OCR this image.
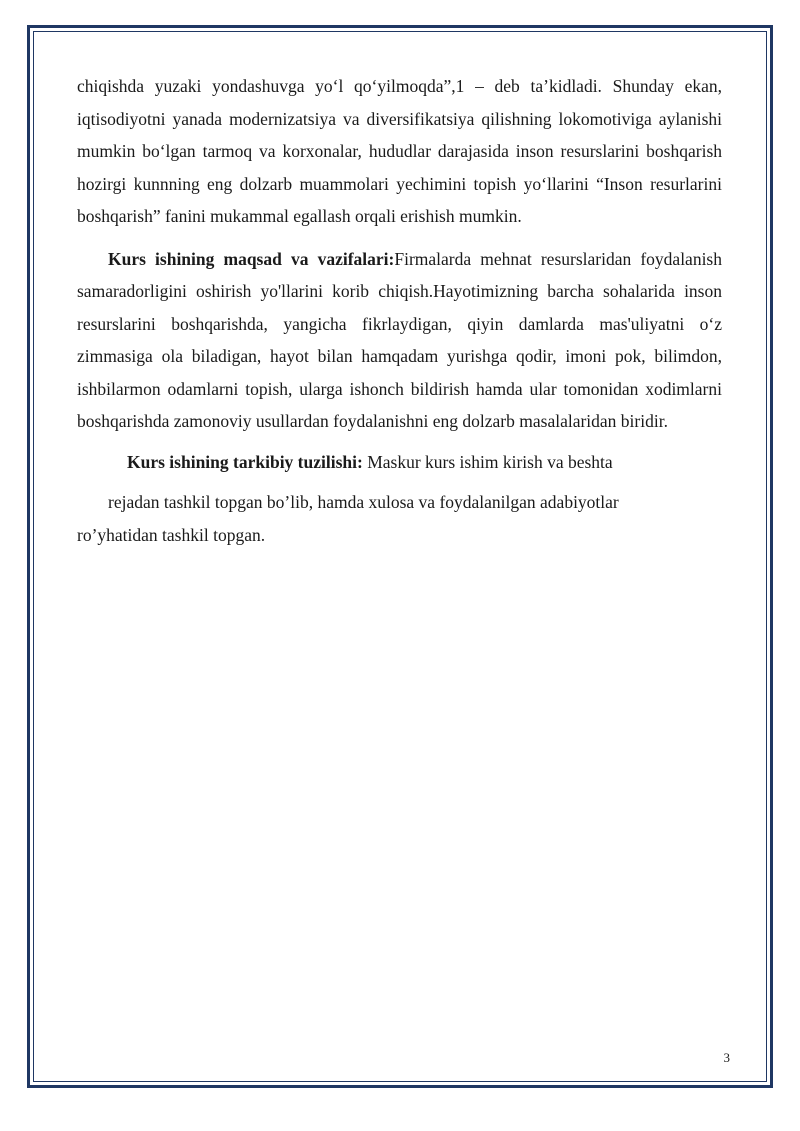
chiqishda yuzaki yondashuvga yo‘l qo‘yilmoqda”,1 – deb ta’kidladi. Shunday ekan, iqtisodiyotni yanada modernizatsiya va diversifikatsiya qilishning lokomotiviga aylanishi mumkin bo‘lgan tarmoq va korxonalar, hududlar darajasida inson resurslarini boshqarish hozirgi kunnning eng dolzarb muammolari yechimini topish yo‘llarini “Inson resurlarini boshqarish” fanini mukammal egallash orqali erishish mumkin.

Kurs ishining maqsad va vazifalari:Firmalarda mehnat resurslaridan foydalanish samaradorligini oshirish yo'llarini korib chiqish.Hayotimizning barcha sohalarida inson resurslarini boshqarishda, yangicha fikrlaydigan, qiyin damlarda mas'uliyatni o‘z zimmasiga ola biladigan, hayot bilan hamqadam yurishga qodir, imoni pok, bilimdon, ishbilarmon odamlarni topish, ularga ishonch bildirish hamda ular tomonidan xodimlarni boshqarishda zamonoviy usullardan foydalanishni eng dolzarb masalalaridan biridir.

Kurs ishining tarkibiy tuzilishi: Maskur kurs ishim kirish va beshta

rejadan tashkil topgan bo’lib, hamda xulosa va foydalanilgan adabiyotlar

ro’yhatidan tashkil topgan.

3
